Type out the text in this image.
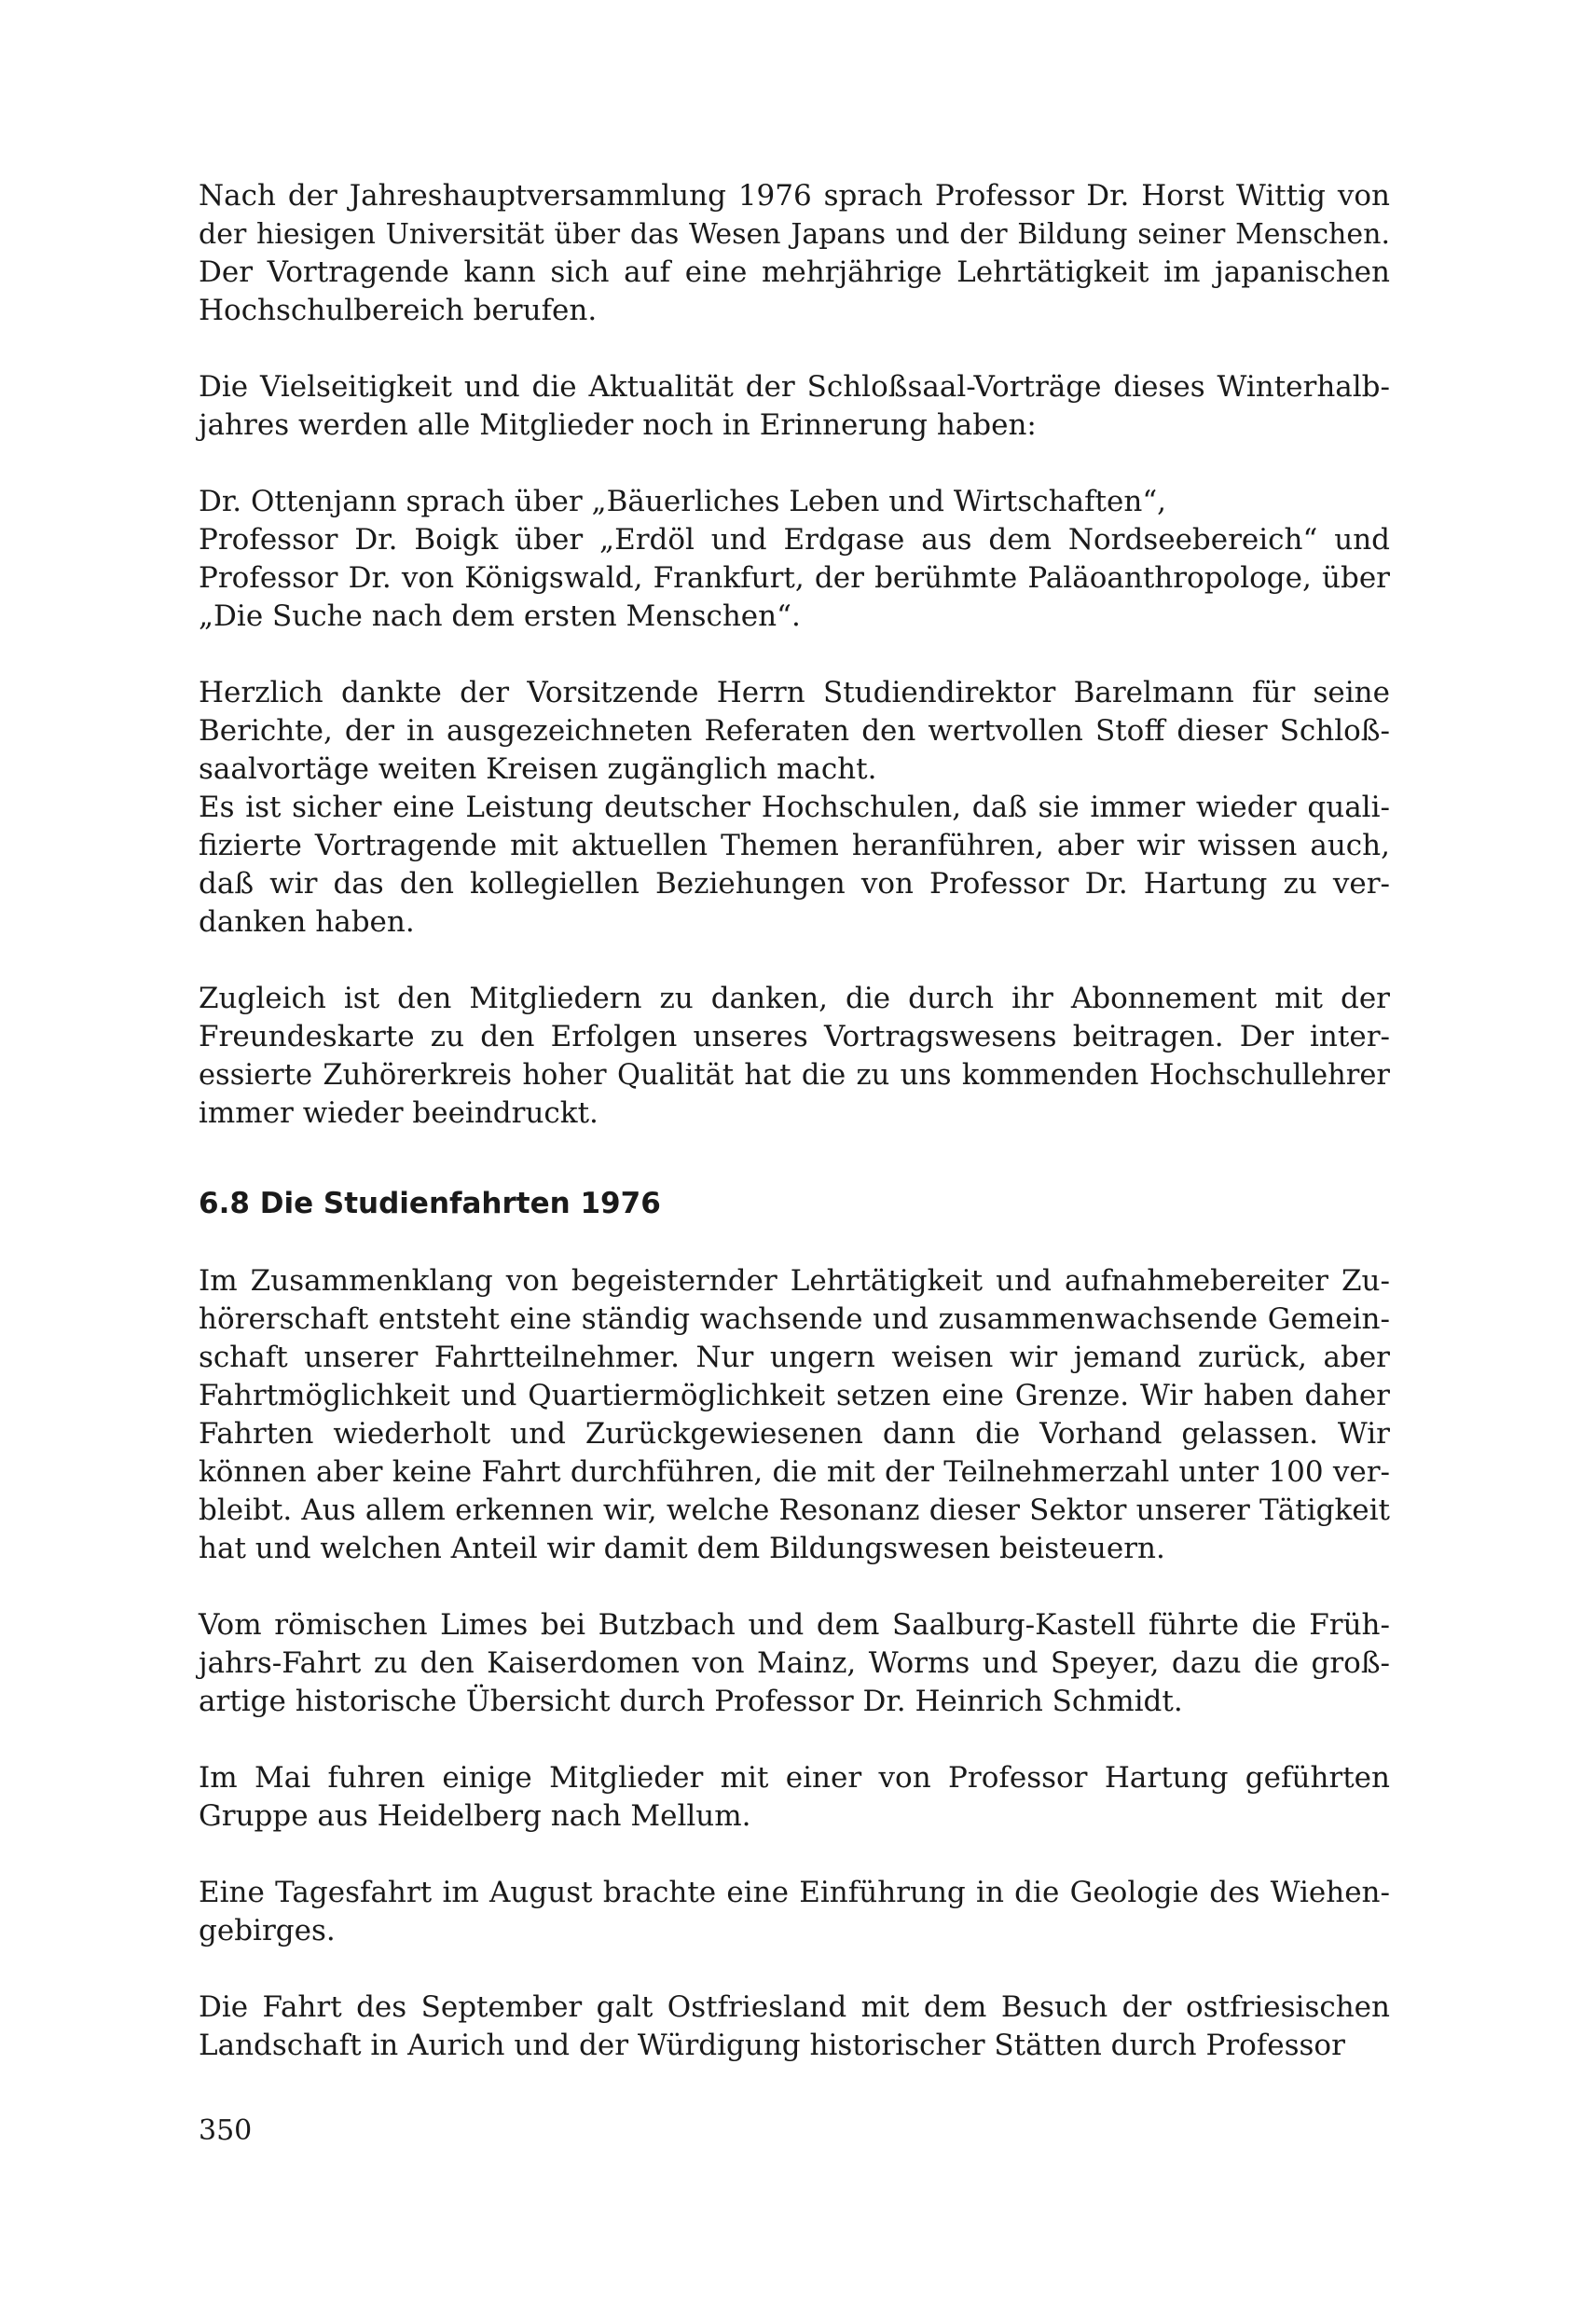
Nach der Jahreshauptversammlung 1976 sprach Professor Dr. Horst Wittig von
der hiesigen Universität über das Wesen Japans und der Bildung seiner Menschen.
Der Vortragende kann sich auf eine mehrjährige Lehrtätigkeit im japanischen
Hochschulbereich berufen.
Die Vielseitigkeit und die Aktualität der Schloßsaal-Vorträge dieses Winterhalb-
jahres werden alle Mitglieder noch in Erinnerung haben:
Dr. Ottenjann sprach über „Bäuerliches Leben und Wirtschaften“,
Professor Dr. Boigk über „Erdöl und Erdgase aus dem Nordseebereich“ und
Professor Dr. von Königswald, Frankfurt, der berühmte Paläoanthropologe, über
„Die Suche nach dem ersten Menschen“.
Herzlich dankte der Vorsitzende Herrn Studiendirektor Barelmann für seine
Berichte, der in ausgezeichneten Referaten den wertvollen Stoff dieser Schloß-
saalvortäge weiten Kreisen zugänglich macht.
Es ist sicher eine Leistung deutscher Hochschulen, daß sie immer wieder quali-
fizierte Vortragende mit aktuellen Themen heranführen, aber wir wissen auch,
daß wir das den kollegiellen Beziehungen von Professor Dr. Hartung zu ver-
danken haben.
Zugleich ist den Mitgliedern zu danken, die durch ihr Abonnement mit der
Freundeskarte zu den Erfolgen unseres Vortragswesens beitragen. Der inter-
essierte Zuhörerkreis hoher Qualität hat die zu uns kommenden Hochschullehrer
immer wieder beeindruckt.
6.8 Die Studienfahrten 1976
Im Zusammenklang von begeisternder Lehrtätigkeit und aufnahmebereiter Zu-
hörerschaft entsteht eine ständig wachsende und zusammenwachsende Gemein-
schaft unserer Fahrtteilnehmer. Nur ungern weisen wir jemand zurück, aber
Fahrtmöglichkeit und Quartiermöglichkeit setzen eine Grenze. Wir haben daher
Fahrten wiederholt und Zurückgewiesenen dann die Vorhand gelassen. Wir
können aber keine Fahrt durchführen, die mit der Teilnehmerzahl unter 100 ver-
bleibt. Aus allem erkennen wir, welche Resonanz dieser Sektor unserer Tätigkeit
hat und welchen Anteil wir damit dem Bildungswesen beisteuern.
Vom römischen Limes bei Butzbach und dem Saalburg-Kastell führte die Früh-
jahrs-Fahrt zu den Kaiserdomen von Mainz, Worms und Speyer, dazu die groß-
artige historische Übersicht durch Professor Dr. Heinrich Schmidt.
Im Mai fuhren einige Mitglieder mit einer von Professor Hartung geführten
Gruppe aus Heidelberg nach Mellum.
Eine Tagesfahrt im August brachte eine Einführung in die Geologie des Wiehen-
gebirges.
Die Fahrt des September galt Ostfriesland mit dem Besuch der ostfriesischen
Landschaft in Aurich und der Würdigung historischer Stätten durch Professor
350
